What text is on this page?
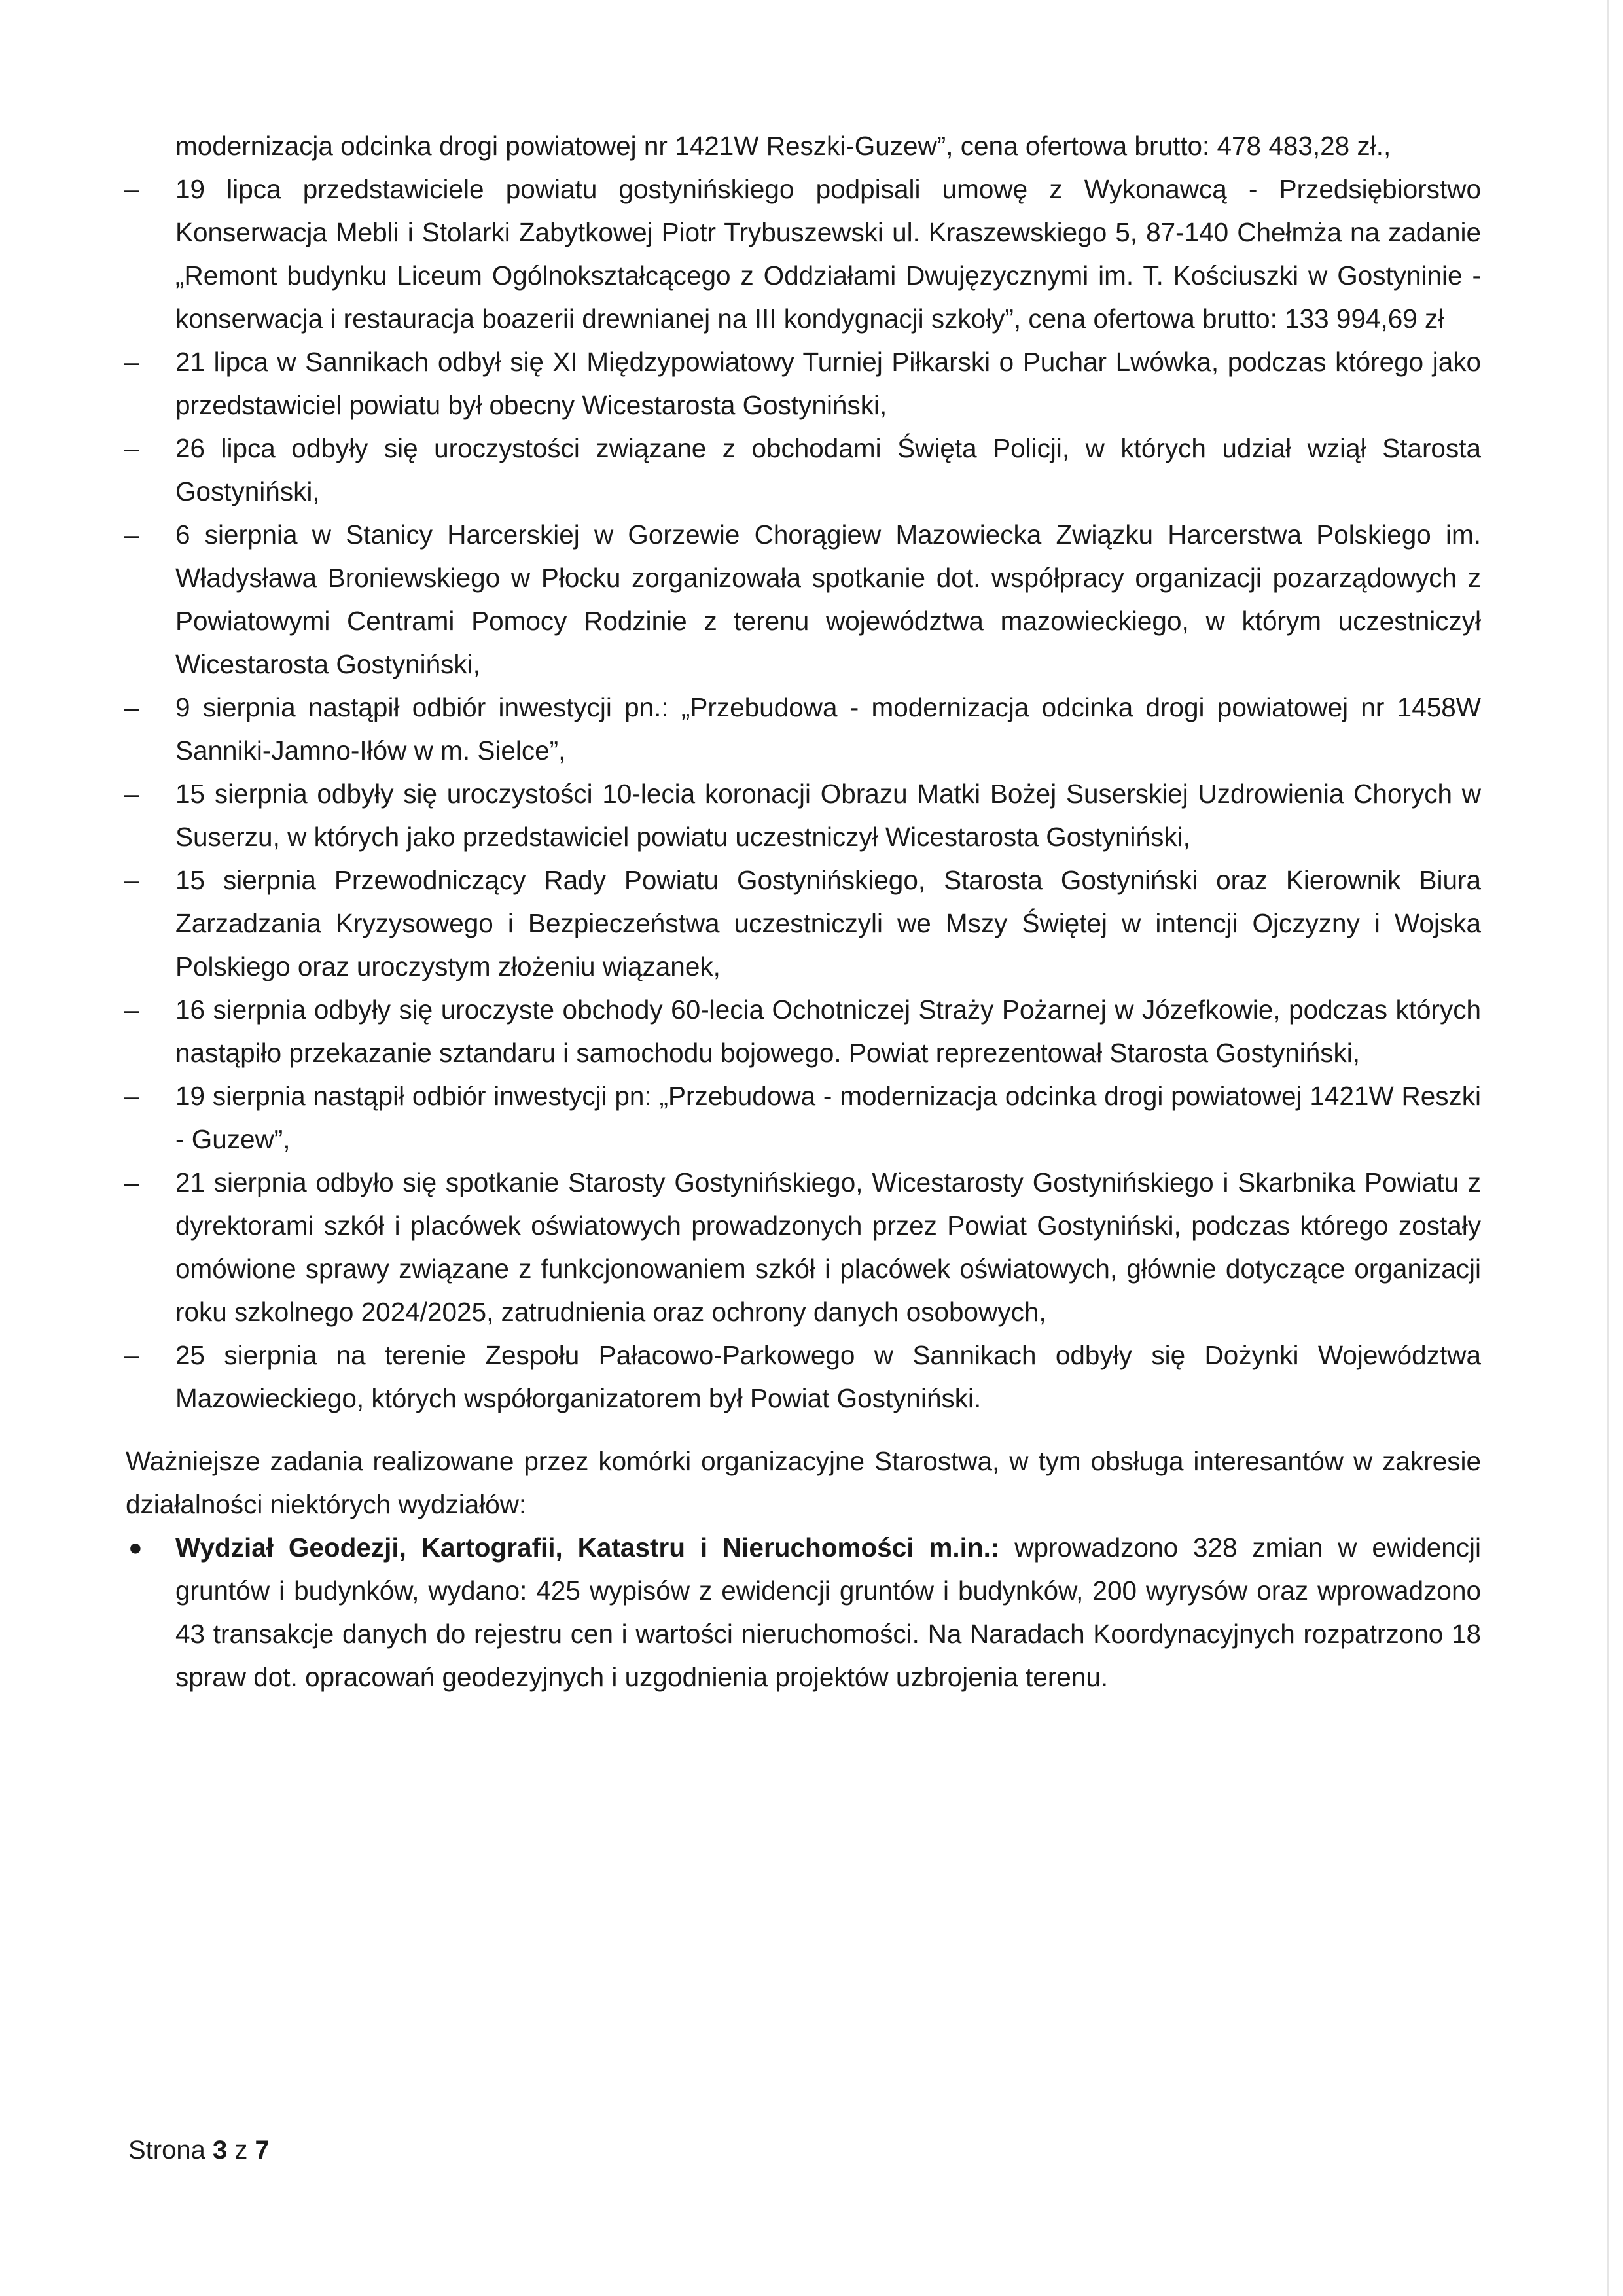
modernizacja odcinka drogi powiatowej nr 1421W Reszki-Guzew”, cena ofertowa brutto: 478 483,28 zł.,
– 19 lipca przedstawiciele powiatu gostynińskiego podpisali umowę z Wykonawcą - Przedsiębiorstwo Konserwacja Mebli i Stolarki Zabytkowej Piotr Trybuszewski ul. Kraszewskiego 5, 87-140 Chełmża na zadanie „Remont budynku Liceum Ogólnokształcącego z Oddziałami Dwujęzycznymi im. T. Kościuszki w Gostyninie - konserwacja i restauracja boazerii drewnianej na III kondygnacji szkoły”, cena ofertowa brutto: 133 994,69 zł
– 21 lipca w Sannikach odbył się XI Międzypowiatowy Turniej Piłkarski o Puchar Lwówka, podczas którego jako przedstawiciel powiatu był obecny Wicestarosta Gostyniński,
– 26 lipca odbyły się uroczystości związane z obchodami Święta Policji, w których udział wziął Starosta Gostyniński,
– 6 sierpnia w Stanicy Harcerskiej w Gorzewie Chorągiew Mazowiecka Związku Harcerstwa Polskiego im. Władysława Broniewskiego w Płocku zorganizowała spotkanie dot. współpracy organizacji pozarządowych z Powiatowymi Centrami Pomocy Rodzinie z terenu województwa mazowieckiego, w którym uczestniczył Wicestarosta Gostyniński,
– 9 sierpnia nastąpił odbiór inwestycji pn.: „Przebudowa - modernizacja odcinka drogi powiatowej nr 1458W Sanniki-Jamno-Iłów w m. Sielce”,
– 15 sierpnia odbyły się uroczystości 10-lecia koronacji Obrazu Matki Bożej Suserskiej Uzdrowienia Chorych w Suserzu, w których jako przedstawiciel powiatu uczestniczył Wicestarosta Gostyniński,
– 15 sierpnia Przewodniczący Rady Powiatu Gostynińskiego, Starosta Gostyniński oraz Kierownik Biura Zarzadzania Kryzysowego i Bezpieczeństwa uczestniczyli we Mszy Świętej w intencji Ojczyzny i Wojska Polskiego oraz uroczystym złożeniu wiązanek,
– 16 sierpnia odbyły się uroczyste obchody 60-lecia Ochotniczej Straży Pożarnej w Józefkowie, podczas których nastąpiło przekazanie sztandaru i samochodu bojowego. Powiat reprezentował Starosta Gostyniński,
– 19 sierpnia nastąpił odbiór inwestycji pn: „Przebudowa - modernizacja odcinka drogi powiatowej 1421W Reszki - Guzew”,
– 21 sierpnia odbyło się spotkanie Starosty Gostynińskiego, Wicestarosty Gostynińskiego i Skarbnika Powiatu z dyrektorami szkół i placówek oświatowych prowadzonych przez Powiat Gostyniński, podczas którego zostały omówione sprawy związane z funkcjonowaniem szkół i placówek oświatowych, głównie dotyczące organizacji roku szkolnego 2024/2025, zatrudnienia oraz ochrony danych osobowych,
– 25 sierpnia na terenie Zespołu Pałacowo-Parkowego w Sannikach odbyły się Dożynki Województwa Mazowieckiego, których współorganizatorem był Powiat Gostyniński.
Ważniejsze zadania realizowane przez komórki organizacyjne Starostwa, w tym obsługa interesantów w zakresie działalności niektórych wydziałów:
● Wydział Geodezji, Kartografii, Katastru i Nieruchomości m.in.: wprowadzono 328 zmian w ewidencji gruntów i budynków, wydano: 425 wypisów z ewidencji gruntów i budynków, 200 wyrysów oraz wprowadzono 43 transakcje danych do rejestru cen i wartości nieruchomości. Na Naradach Koordynacyjnych rozpatrzono 18 spraw dot. opracowań geodezyjnych i uzgodnienia projektów uzbrojenia terenu.
Strona 3 z 7
